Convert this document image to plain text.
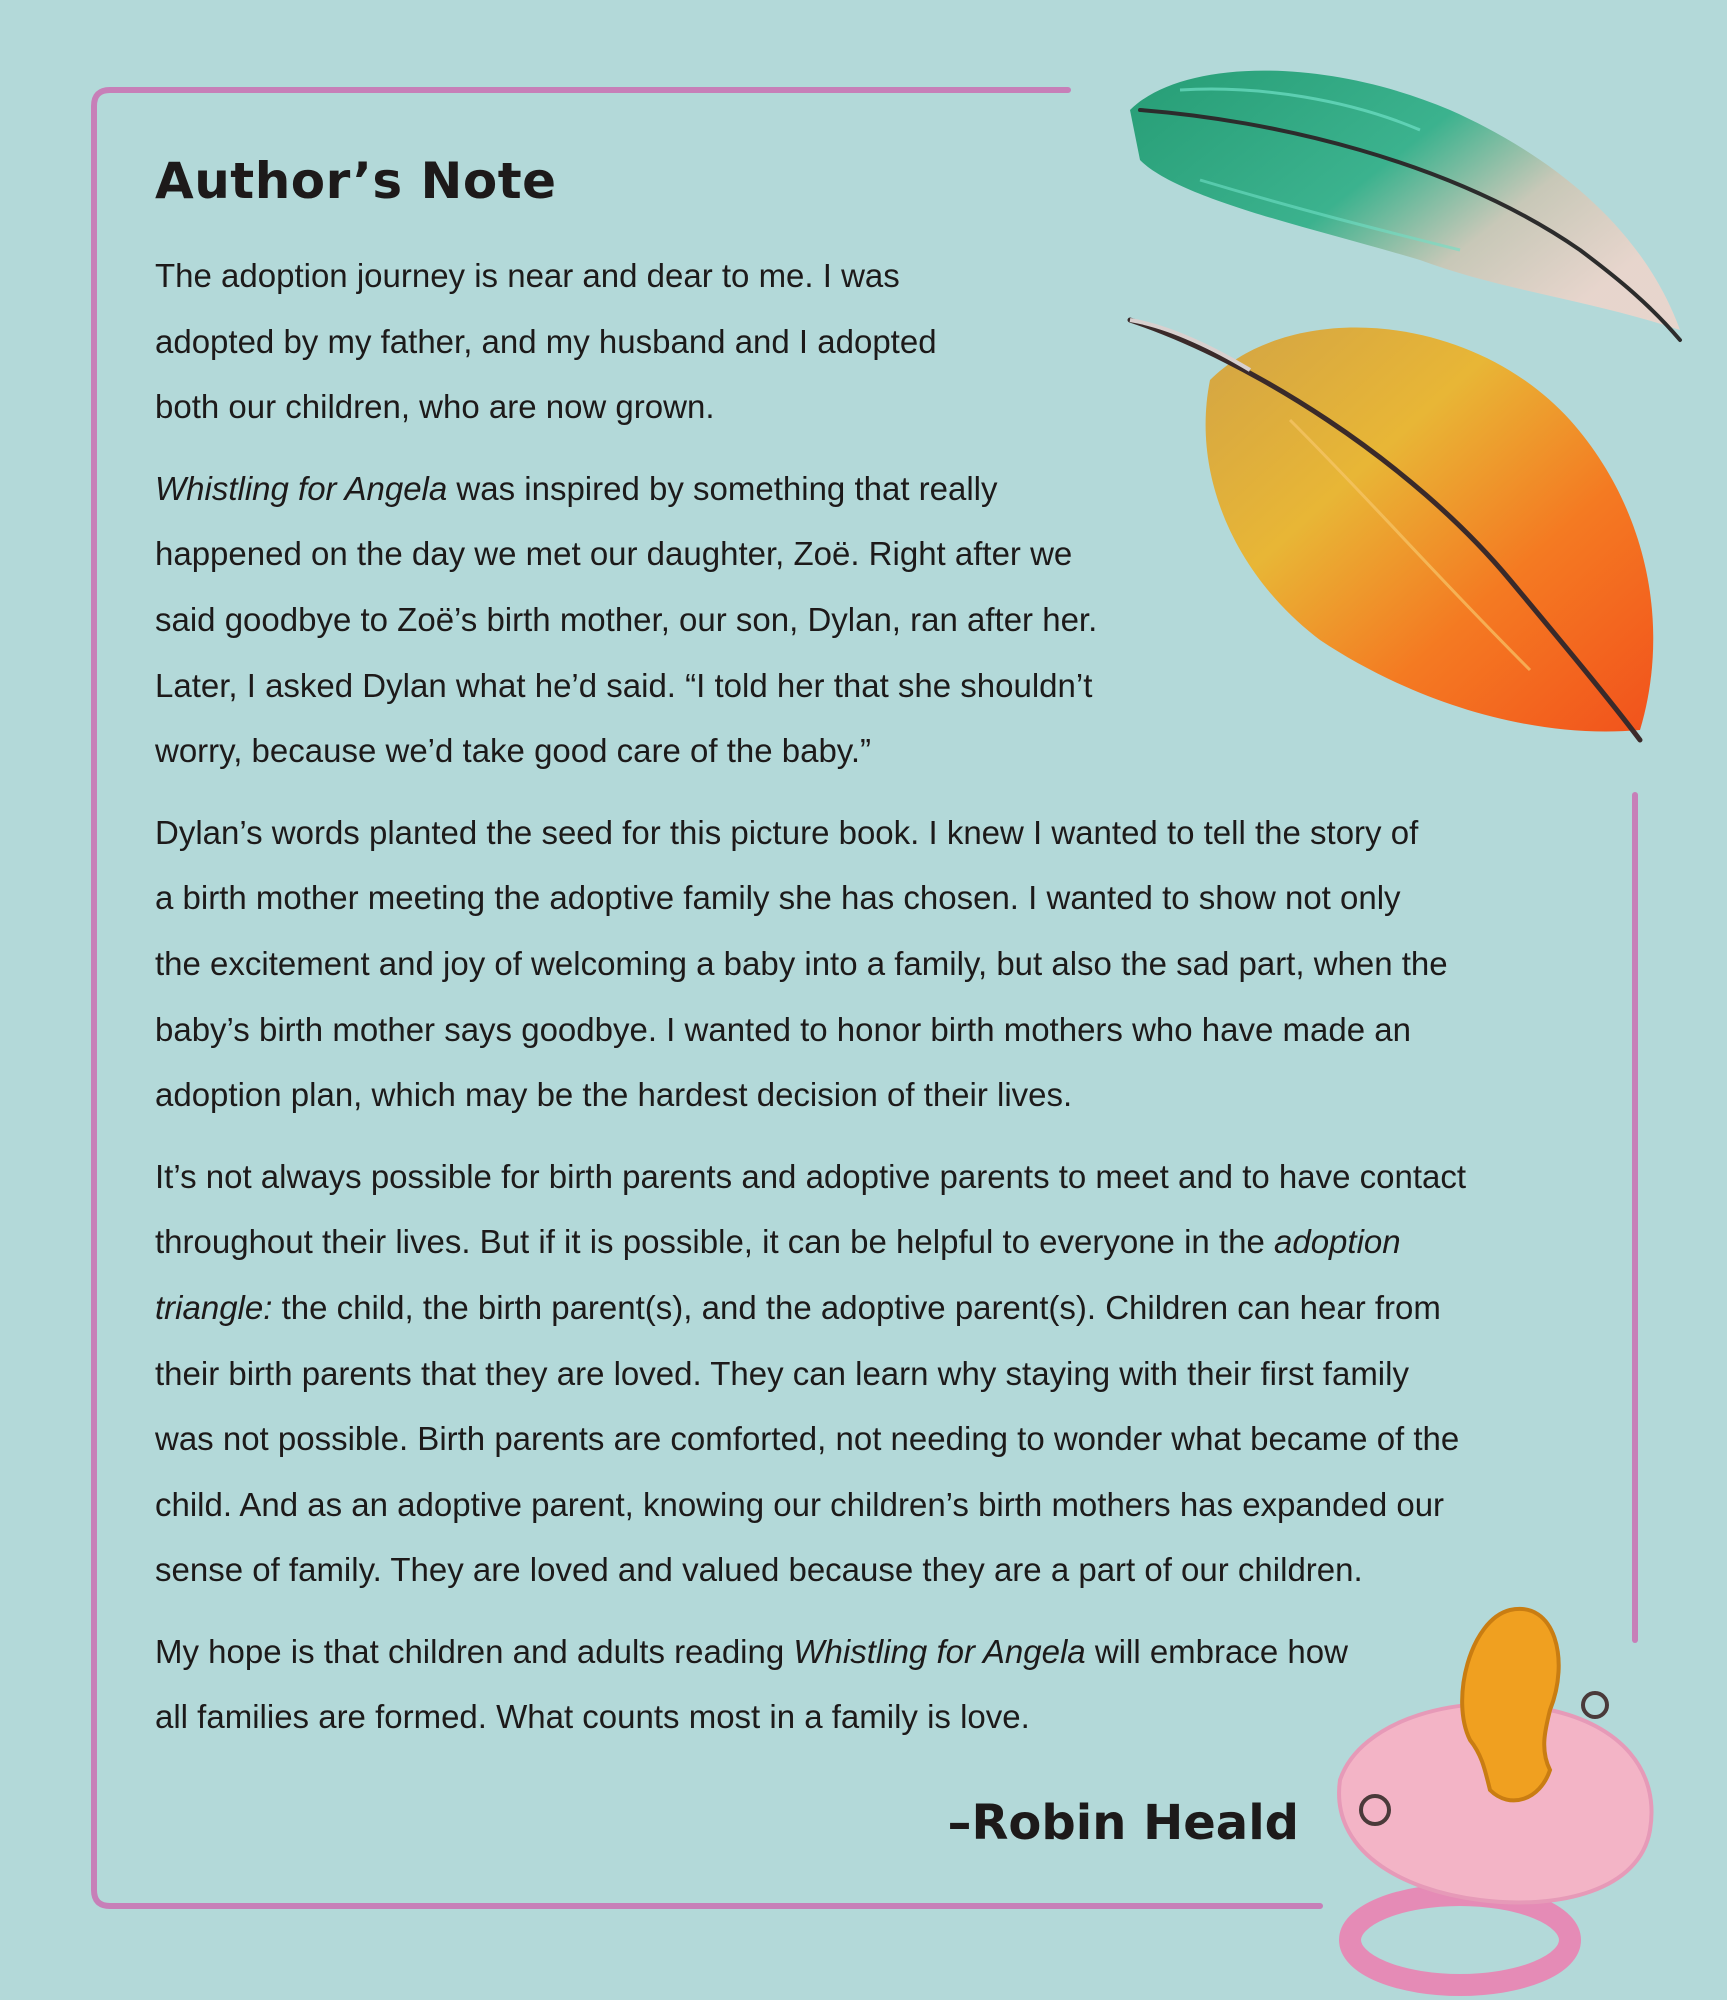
Author’s Note

The adoption journey is near and dear to me. I was
adopted by my father, and my husband and I adopted
both our children, who are now grown.

Whistling for Angela was inspired by something that really
happened on the day we met our daughter, Zoë. Right after we
said goodbye to Zoë’s birth mother, our son, Dylan, ran after her.
Later, I asked Dylan what he’d said. “I told her that she shouldn’t
worry, because we’d take good care of the baby.”

Dylan’s words planted the seed for this picture book. I knew I wanted to tell the story of
a birth mother meeting the adoptive family she has chosen. I wanted to show not only
the excitement and joy of welcoming a baby into a family, but also the sad part, when the
baby’s birth mother says goodbye. I wanted to honor birth mothers who have made an
adoption plan, which may be the hardest decision of their lives.

It’s not always possible for birth parents and adoptive parents to meet and to have contact
throughout their lives. But if it is possible, it can be helpful to everyone in the adoption
triangle: the child, the birth parent(s), and the adoptive parent(s). Children can hear from
their birth parents that they are loved. They can learn why staying with their first family
was not possible. Birth parents are comforted, not needing to wonder what became of the
child. And as an adoptive parent, knowing our children’s birth mothers has expanded our
sense of family. They are loved and valued because they are a part of our children.

My hope is that children and adults reading Whistling for Angela will embrace how
all families are formed. What counts most in a family is love.

–Robin Heald
